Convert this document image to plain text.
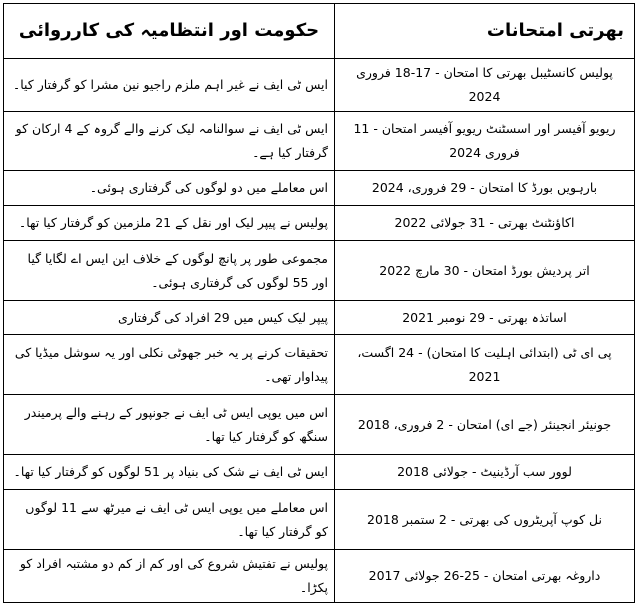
بھرتی امتحانات	حکومت اور انتظامیہ کی کارروائی
پولیس کانسٹیبل بھرتی کا امتحان - 17-18 فروری 2024	ایس ٹی ایف نے غیر اہم ملزم راجیو نین مشرا کو گرفتار کیا۔
ریویو آفیسر اور اسسٹنٹ ریویو آفیسر امتحان - 11 فروری 2024	ایس ٹی ایف نے سوالنامہ لیک کرنے والے گروہ کے 4 ارکان کو گرفتار کیا ہے۔
بارہویں بورڈ کا امتحان - 29 فروری، 2024	اس معاملے میں دو لوگوں کی گرفتاری ہوئی۔
اکاؤنٹنٹ بھرتی - 31 جولائی 2022	پولیس نے پیپر لیک اور نقل کے 21 ملزمین کو گرفتار کیا تھا۔
اتر پردیش بورڈ امتحان - 30 مارچ 2022	مجموعی طور پر پانچ لوگوں کے خلاف این ایس اے لگایا گیا اور 55 لوگوں کی گرفتاری ہوئی۔
اساتذہ بھرتی - 29 نومبر 2021	پیپر لیک کیس میں 29 افراد کی گرفتاری
پی ای ٹی (ابتدائی اہلیت کا امتحان) - 24 اگست، 2021	تحقیقات کرنے پر یہ خبر جھوٹی نکلی اور یہ سوشل میڈیا کی پیداوار تھی۔
جونیئر انجینئر (جے ای) امتحان - 2 فروری، 2018	اس میں یوپی ایس ٹی ایف نے جونپور کے رہنے والے پرمیندر سنگھ کو گرفتار کیا تھا۔
لوور سب آرڈینیٹ - جولائی 2018	ایس ٹی ایف نے شک کی بنیاد پر 51 لوگوں کو گرفتار کیا تھا۔
نل کوپ آپریٹروں کی بھرتی - 2 ستمبر 2018	اس معاملے میں یوپی ایس ٹی ایف نے میرٹھ سے 11 لوگوں کو گرفتار کیا تھا۔
داروغہ بھرتی امتحان - 25-26 جولائی 2017	پولیس نے تفتیش شروع کی اور کم از کم دو مشتبہ افراد کو پکڑا۔
